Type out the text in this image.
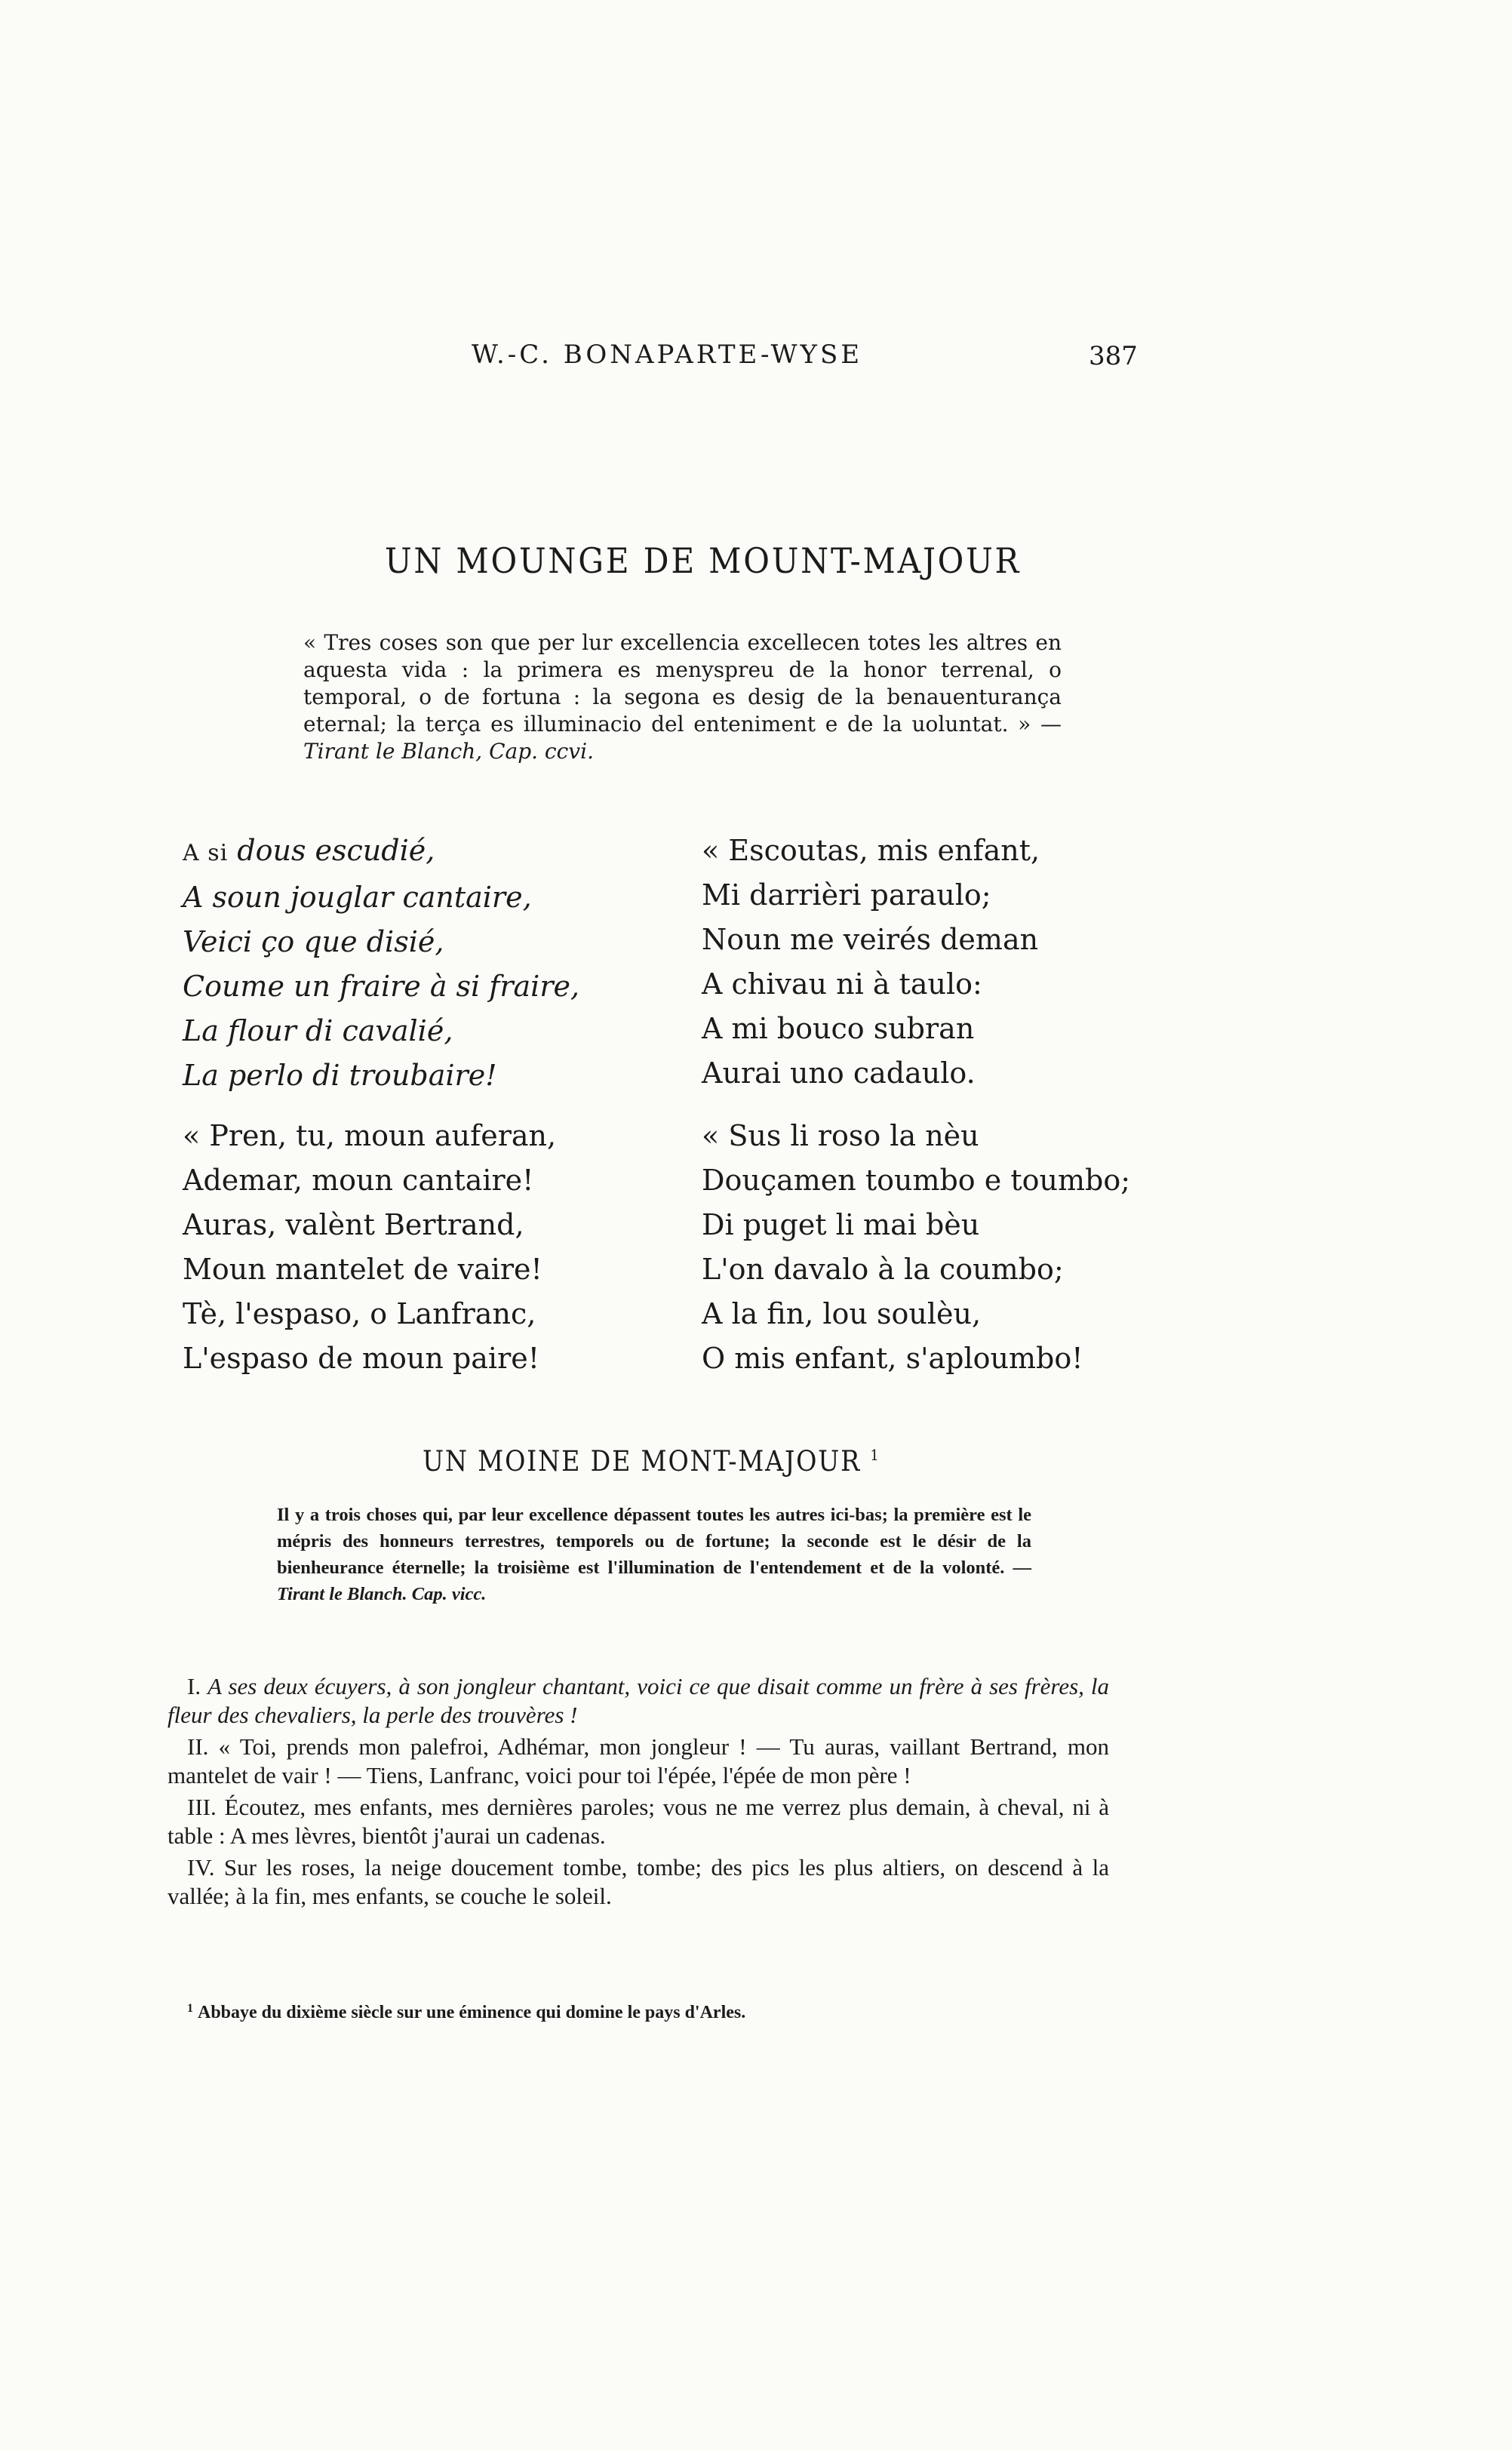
W.-C. BONAPARTE-WYSE	387
UN MOUNGE DE MOUNT-MAJOUR
« Tres coses son que per lur excellencia excellecen totes les altres en aquesta vida : la primera es menyspreu de la honor terrenal, o temporal, o de fortuna : la segona es desig de la benauenturança eternal; la terça es illuminacio del enteniment e de la uoluntat. » — Tirant le Blanch, Cap. ccvi.
A si dous escudié,
A soun jouglar cantaire,
Veici ço que disié,
Coume un fraire à si fraire,
La flour di cavalié,
La perlo di troubaire!
« Escoutas, mis enfant,
Mi darrièri paraulo;
Noun me veirés deman
A chivau ni à taulo:
A mi bouco subran
Aurai uno cadaulo.
« Pren, tu, moun auferan,
Ademar, moun cantaire!
Auras, valènt Bertrand,
Moun mantelet de vaire!
Tè, l'espaso, o Lanfranc,
L'espaso de moun paire!
« Sus li roso la nèu
Douçamen toumbo e toumbo;
Di puget li mai bèu
L'on davalo à la coumbo;
A la fin, lou soulèu,
O mis enfant, s'aploumbo!
UN MOINE DE MONT-MAJOUR $^1$
Il y a trois choses qui, par leur excellence dépassent toutes les autres ici-bas; la première est le mépris des honneurs terrestres, temporels ou de fortune; la seconde est le désir de la bienheurance éternelle; la troisième est l'illumination de l'entendement et de la volonté. — Tirant le Blanch. Cap. vicc.

I. A ses deux écuyers, à son jongleur chantant, voici ce que disait comme un frère à ses frères, la fleur des chevaliers, la perle des trouvères !

II. « Toi, prends mon palefroi, Adhémar, mon jongleur ! — Tu auras, vaillant Bertrand, mon mantelet de vair ! — Tiens, Lanfranc, voici pour toi l'épée, l'épée de mon père !

III. Écoutez, mes enfants, mes dernières paroles; vous ne me verrez plus demain, à cheval, ni à table : A mes lèvres, bientôt j'aurai un cadenas.

IV. Sur les roses, la neige doucement tombe, tombe; des pics les plus altiers, on descend à la vallée; à la fin, mes enfants, se couche le soleil.

$^1$ Abbaye du dixième siècle sur une éminence qui domine le pays d'Arles.
